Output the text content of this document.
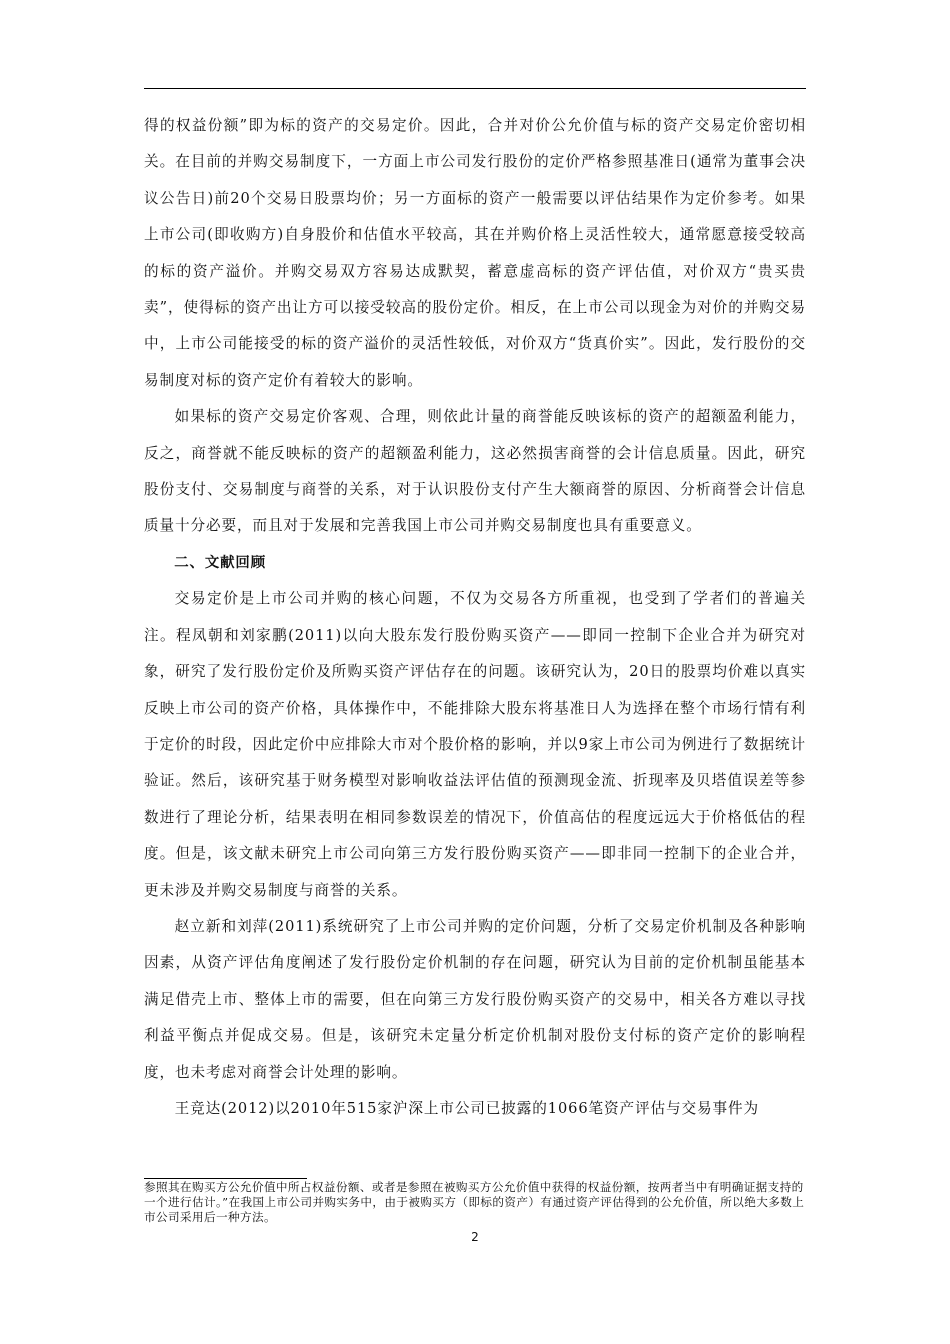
得的权益份额”即为标的资产的交易定价。因此，合并对价公允价值与标的资产交易定价密切相关。在目前的并购交易制度下，一方面上市公司发行股份的定价严格参照基准日(通常为董事会决议公告日)前20个交易日股票均价；另一方面标的资产一般需要以评估结果作为定价参考。如果上市公司(即收购方)自身股价和估值水平较高，其在并购价格上灵活性较大，通常愿意接受较高的标的资产溢价。并购交易双方容易达成默契，蓄意虚高标的资产评估值，对价双方“贵买贵卖”，使得标的资产出让方可以接受较高的股份定价。相反，在上市公司以现金为对价的并购交易中，上市公司能接受的标的资产溢价的灵活性较低，对价双方“货真价实”。因此，发行股份的交易制度对标的资产定价有着较大的影响。

如果标的资产交易定价客观、合理，则依此计量的商誉能反映该标的资产的超额盈利能力，反之，商誉就不能反映标的资产的超额盈利能力，这必然损害商誉的会计信息质量。因此，研究股份支付、交易制度与商誉的关系，对于认识股份支付产生大额商誉的原因、分析商誉会计信息质量十分必要，而且对于发展和完善我国上市公司并购交易制度也具有重要意义。

二、文献回顾

交易定价是上市公司并购的核心问题，不仅为交易各方所重视，也受到了学者们的普遍关注。程凤朝和刘家鹏(2011)以向大股东发行股份购买资产——即同一控制下企业合并为研究对象，研究了发行股份定价及所购买资产评估存在的问题。该研究认为，20日的股票均价难以真实反映上市公司的资产价格，具体操作中，不能排除大股东将基准日人为选择在整个市场行情有利于定价的时段，因此定价中应排除大市对个股价格的影响，并以9家上市公司为例进行了数据统计验证。然后，该研究基于财务模型对影响收益法评估值的预测现金流、折现率及贝塔值误差等参数进行了理论分析，结果表明在相同参数误差的情况下，价值高估的程度远远大于价格低估的程度。但是，该文献未研究上市公司向第三方发行股份购买资产——即非同一控制下的企业合并，更未涉及并购交易制度与商誉的关系。

赵立新和刘萍(2011)系统研究了上市公司并购的定价问题，分析了交易定价机制及各种影响因素，从资产评估角度阐述了发行股份定价机制的存在问题，研究认为目前的定价机制虽能基本满足借壳上市、整体上市的需要，但在向第三方发行股份购买资产的交易中，相关各方难以寻找利益平衡点并促成交易。但是，该研究未定量分析定价机制对股份支付标的资产定价的影响程度，也未考虑对商誉会计处理的影响。

王竞达(2012)以2010年515家沪深上市公司已披露的1066笔资产评估与交易事件为

参照其在购买方公允价值中所占权益份额、或者是参照在被购买方公允价值中获得的权益份额，按两者当中有明确证据支持的一个进行估计。”在我国上市公司并购实务中，由于被购买方（即标的资产）有通过资产评估得到的公允价值，所以绝大多数上市公司采用后一种方法。

2
